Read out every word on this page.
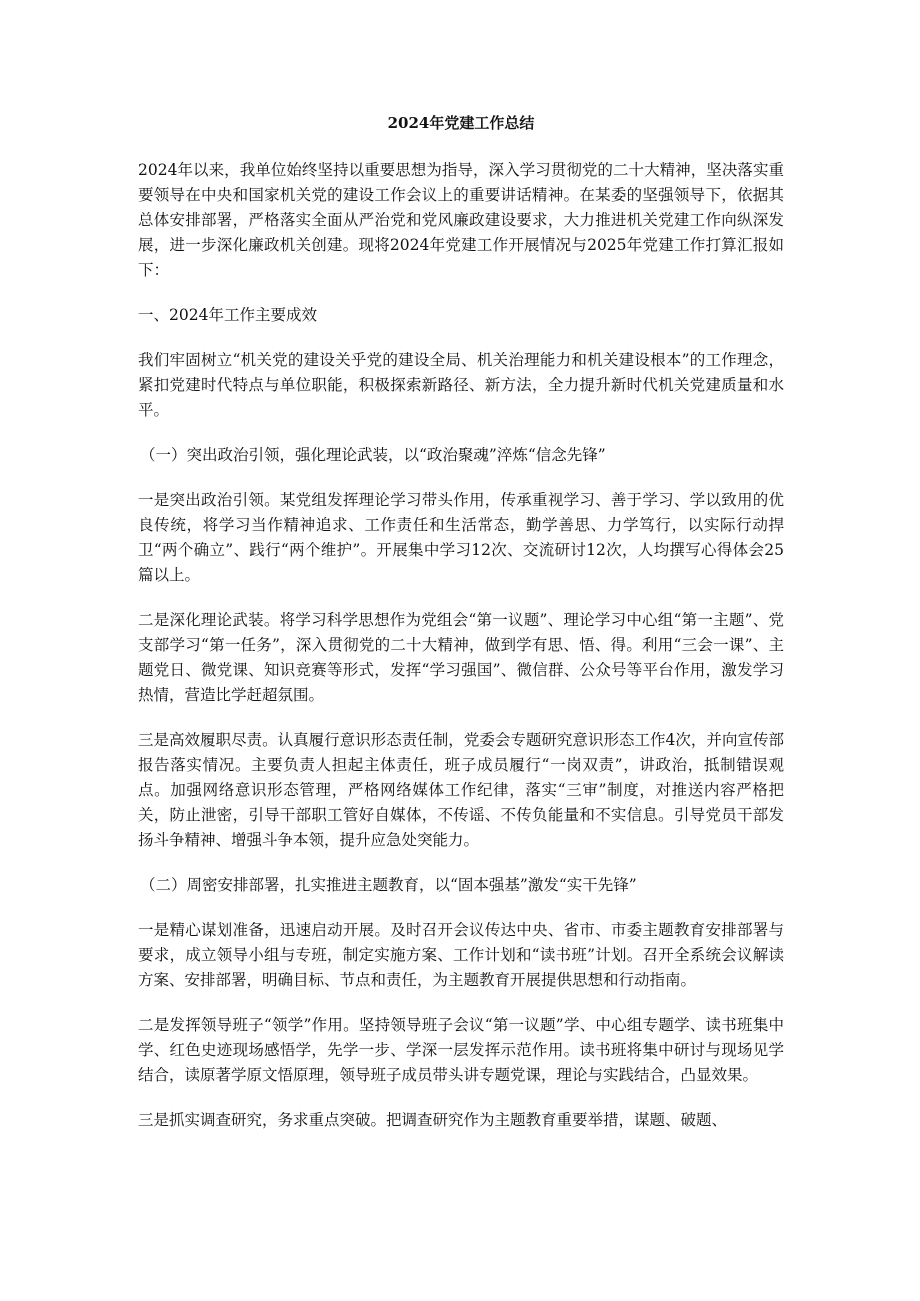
2024年党建工作总结

2024年以来，我单位始终坚持以重要思想为指导，深入学习贯彻党的二十大精神，坚决落实重要领导在中央和国家机关党的建设工作会议上的重要讲话精神。在某委的坚强领导下，依据其总体安排部署，严格落实全面从严治党和党风廉政建设要求，大力推进机关党建工作向纵深发展，进一步深化廉政机关创建。现将2024年党建工作开展情况与2025年党建工作打算汇报如下：

一、2024年工作主要成效

我们牢固树立“机关党的建设关乎党的建设全局、机关治理能力和机关建设根本”的工作理念，紧扣党建时代特点与单位职能，积极探索新路径、新方法，全力提升新时代机关党建质量和水平。

（一）突出政治引领，强化理论武装，以“政治聚魂”淬炼“信念先锋”

一是突出政治引领。某党组发挥理论学习带头作用，传承重视学习、善于学习、学以致用的优良传统，将学习当作精神追求、工作责任和生活常态，勤学善思、力学笃行，以实际行动捍卫“两个确立”、践行“两个维护”。开展集中学习12次、交流研讨12次，人均撰写心得体会25篇以上。

二是深化理论武装。将学习科学思想作为党组会“第一议题”、理论学习中心组“第一主题”、党支部学习“第一任务”，深入贯彻党的二十大精神，做到学有思、悟、得。利用“三会一课”、主题党日、微党课、知识竞赛等形式，发挥“学习强国”、微信群、公众号等平台作用，激发学习热情，营造比学赶超氛围。

三是高效履职尽责。认真履行意识形态责任制，党委会专题研究意识形态工作4次，并向宣传部报告落实情况。主要负责人担起主体责任，班子成员履行“一岗双责”，讲政治，抵制错误观点。加强网络意识形态管理，严格网络媒体工作纪律，落实“三审”制度，对推送内容严格把关，防止泄密，引导干部职工管好自媒体，不传谣、不传负能量和不实信息。引导党员干部发扬斗争精神、增强斗争本领，提升应急处突能力。

（二）周密安排部署，扎实推进主题教育，以“固本强基”激发“实干先锋”

一是精心谋划准备，迅速启动开展。及时召开会议传达中央、省市、市委主题教育安排部署与要求，成立领导小组与专班，制定实施方案、工作计划和“读书班”计划。召开全系统会议解读方案、安排部署，明确目标、节点和责任，为主题教育开展提供思想和行动指南。

二是发挥领导班子“领学”作用。坚持领导班子会议“第一议题”学、中心组专题学、读书班集中学、红色史迹现场感悟学，先学一步、学深一层发挥示范作用。读书班将集中研讨与现场见学结合，读原著学原文悟原理，领导班子成员带头讲专题党课，理论与实践结合，凸显效果。

三是抓实调查研究，务求重点突破。把调查研究作为主题教育重要举措，谋题、破题、
